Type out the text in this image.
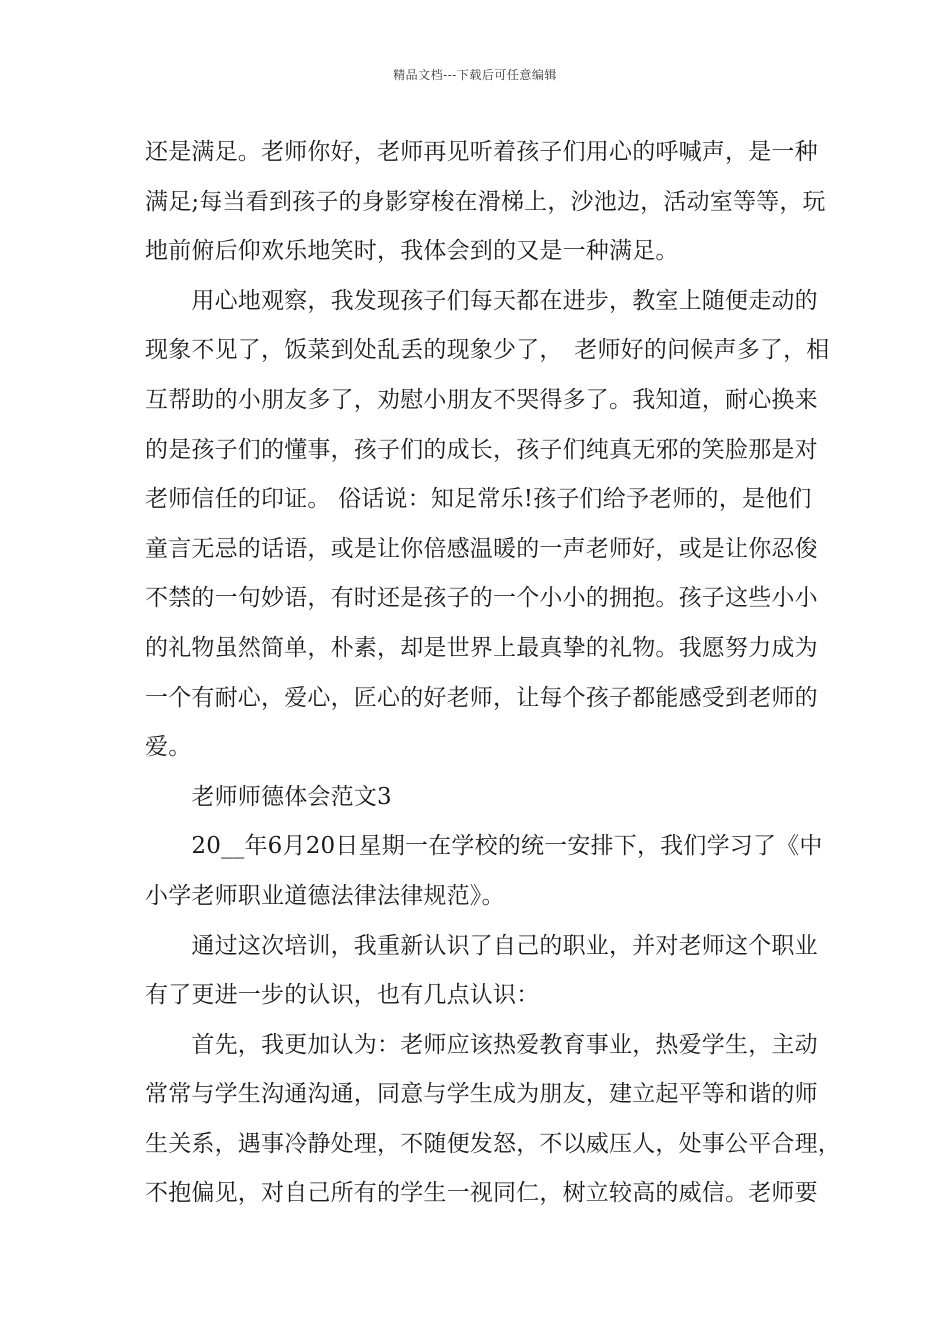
精品文档---下载后可任意编辑
还是满足。老师你好，老师再见听着孩子们用心的呼喊声，是一种
满足;每当看到孩子的身影穿梭在滑梯上，沙池边，活动室等等，玩
地前俯后仰欢乐地笑时，我体会到的又是一种满足。
　　用心地观察，我发现孩子们每天都在进步，教室上随便走动的
现象不见了，饭菜到处乱丢的现象少了，　老师好的问候声多了，相
互帮助的小朋友多了，劝慰小朋友不哭得多了。我知道，耐心换来
的是孩子们的懂事，孩子们的成长，孩子们纯真无邪的笑脸那是对
老师信任的印证。 俗话说：知足常乐!孩子们给予老师的，是他们
童言无忌的话语，或是让你倍感温暖的一声老师好，或是让你忍俊
不禁的一句妙语，有时还是孩子的一个小小的拥抱。孩子这些小小
的礼物虽然简单，朴素，却是世界上最真挚的礼物。我愿努力成为
一个有耐心，爱心，匠心的好老师，让每个孩子都能感受到老师的
爱。
　　老师师德体会范文3
　　20__年6月20日星期一在学校的统一安排下，我们学习了《中
小学老师职业道德法律法律规范》。
　　通过这次培训，我重新认识了自己的职业，并对老师这个职业
有了更进一步的认识，也有几点认识：
　　首先，我更加认为：老师应该热爱教育事业，热爱学生，主动
常常与学生沟通沟通，同意与学生成为朋友，建立起平等和谐的师
生关系，遇事冷静处理，不随便发怒，不以威压人，处事公平合理，
不抱偏见，对自己所有的学生一视同仁，树立较高的威信。老师要
